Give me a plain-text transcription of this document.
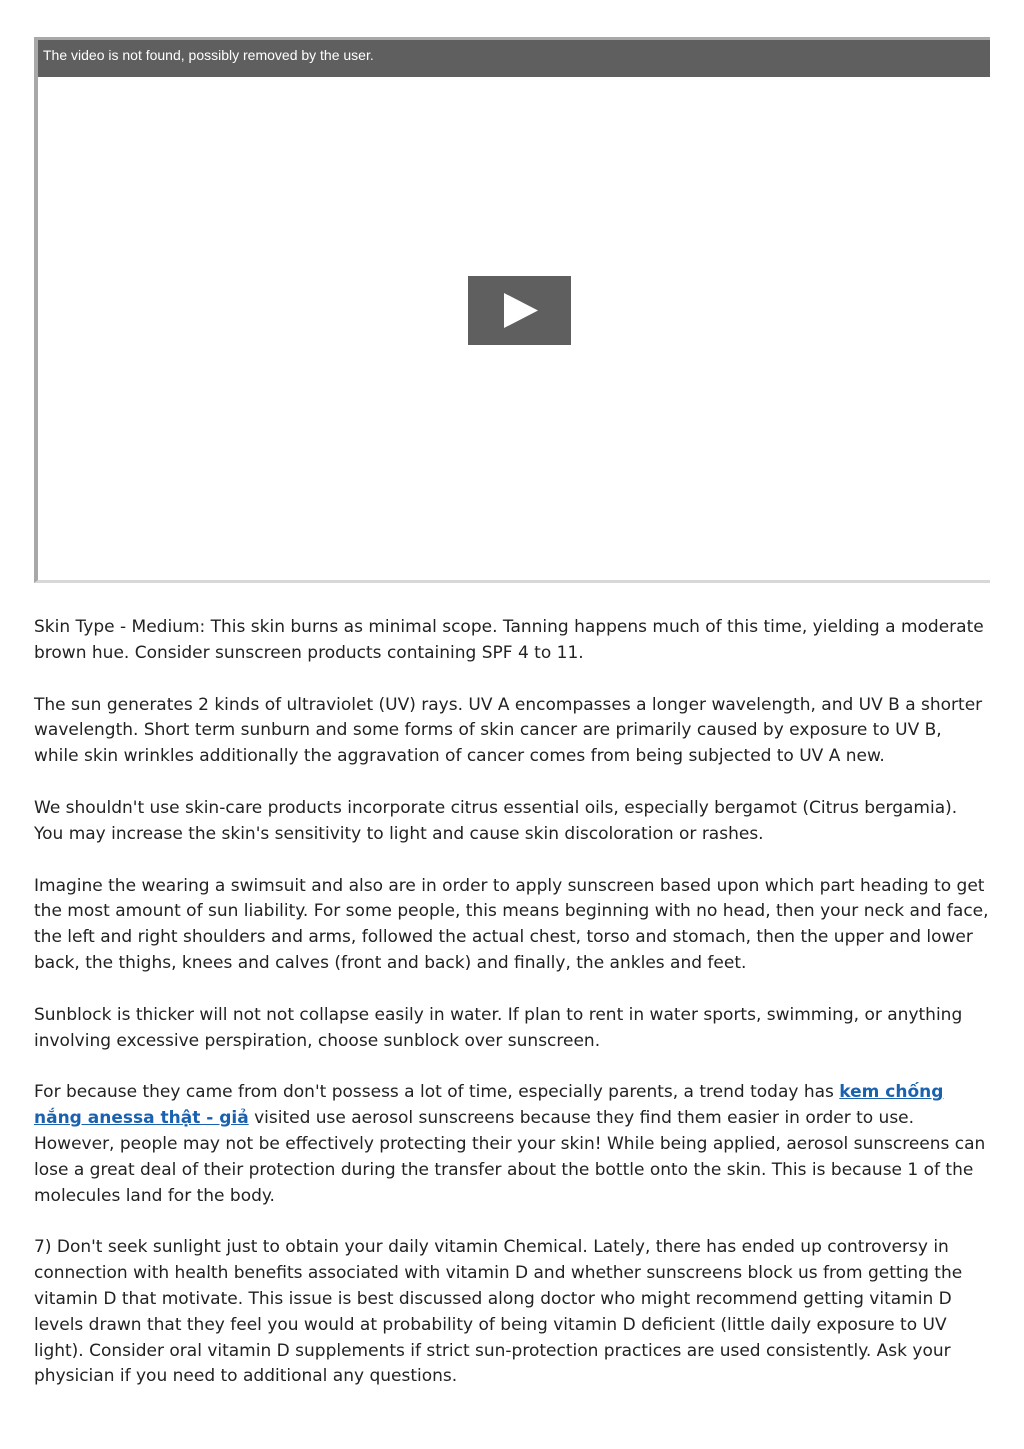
The video is not found, possibly removed by the user.

Skin Type - Medium: This skin burns as minimal scope. Tanning happens much of this time, yielding a moderate brown hue. Consider sunscreen products containing SPF 4 to 11.

The sun generates 2 kinds of ultraviolet (UV) rays. UV A encompasses a longer wavelength, and UV B a shorter wavelength. Short term sunburn and some forms of skin cancer are primarily caused by exposure to UV B, while skin wrinkles additionally the aggravation of cancer comes from being subjected to UV A new.

We shouldn't use skin-care products incorporate citrus essential oils, especially bergamot (Citrus bergamia). You may increase the skin's sensitivity to light and cause skin discoloration or rashes.

Imagine the wearing a swimsuit and also are in order to apply sunscreen based upon which part heading to get the most amount of sun liability. For some people, this means beginning with no head, then your neck and face, the left and right shoulders and arms, followed the actual chest, torso and stomach, then the upper and lower back, the thighs, knees and calves (front and back) and finally, the ankles and feet.

Sunblock is thicker will not not collapse easily in water. If plan to rent in water sports, swimming, or anything involving excessive perspiration, choose sunblock over sunscreen.

For because they came from don't possess a lot of time, especially parents, a trend today has kem chống nắng anessa thật - giả visited use aerosol sunscreens because they find them easier in order to use. However, people may not be effectively protecting their your skin! While being applied, aerosol sunscreens can lose a great deal of their protection during the transfer about the bottle onto the skin. This is because 1 of the molecules land for the body.

7) Don't seek sunlight just to obtain your daily vitamin Chemical. Lately, there has ended up controversy in connection with health benefits associated with vitamin D and whether sunscreens block us from getting the vitamin D that motivate. This issue is best discussed along doctor who might recommend getting vitamin D levels drawn that they feel you would at probability of being vitamin D deficient (little daily exposure to UV light). Consider oral vitamin D supplements if strict sun-protection practices are used consistently. Ask your physician if you need to additional any questions.
